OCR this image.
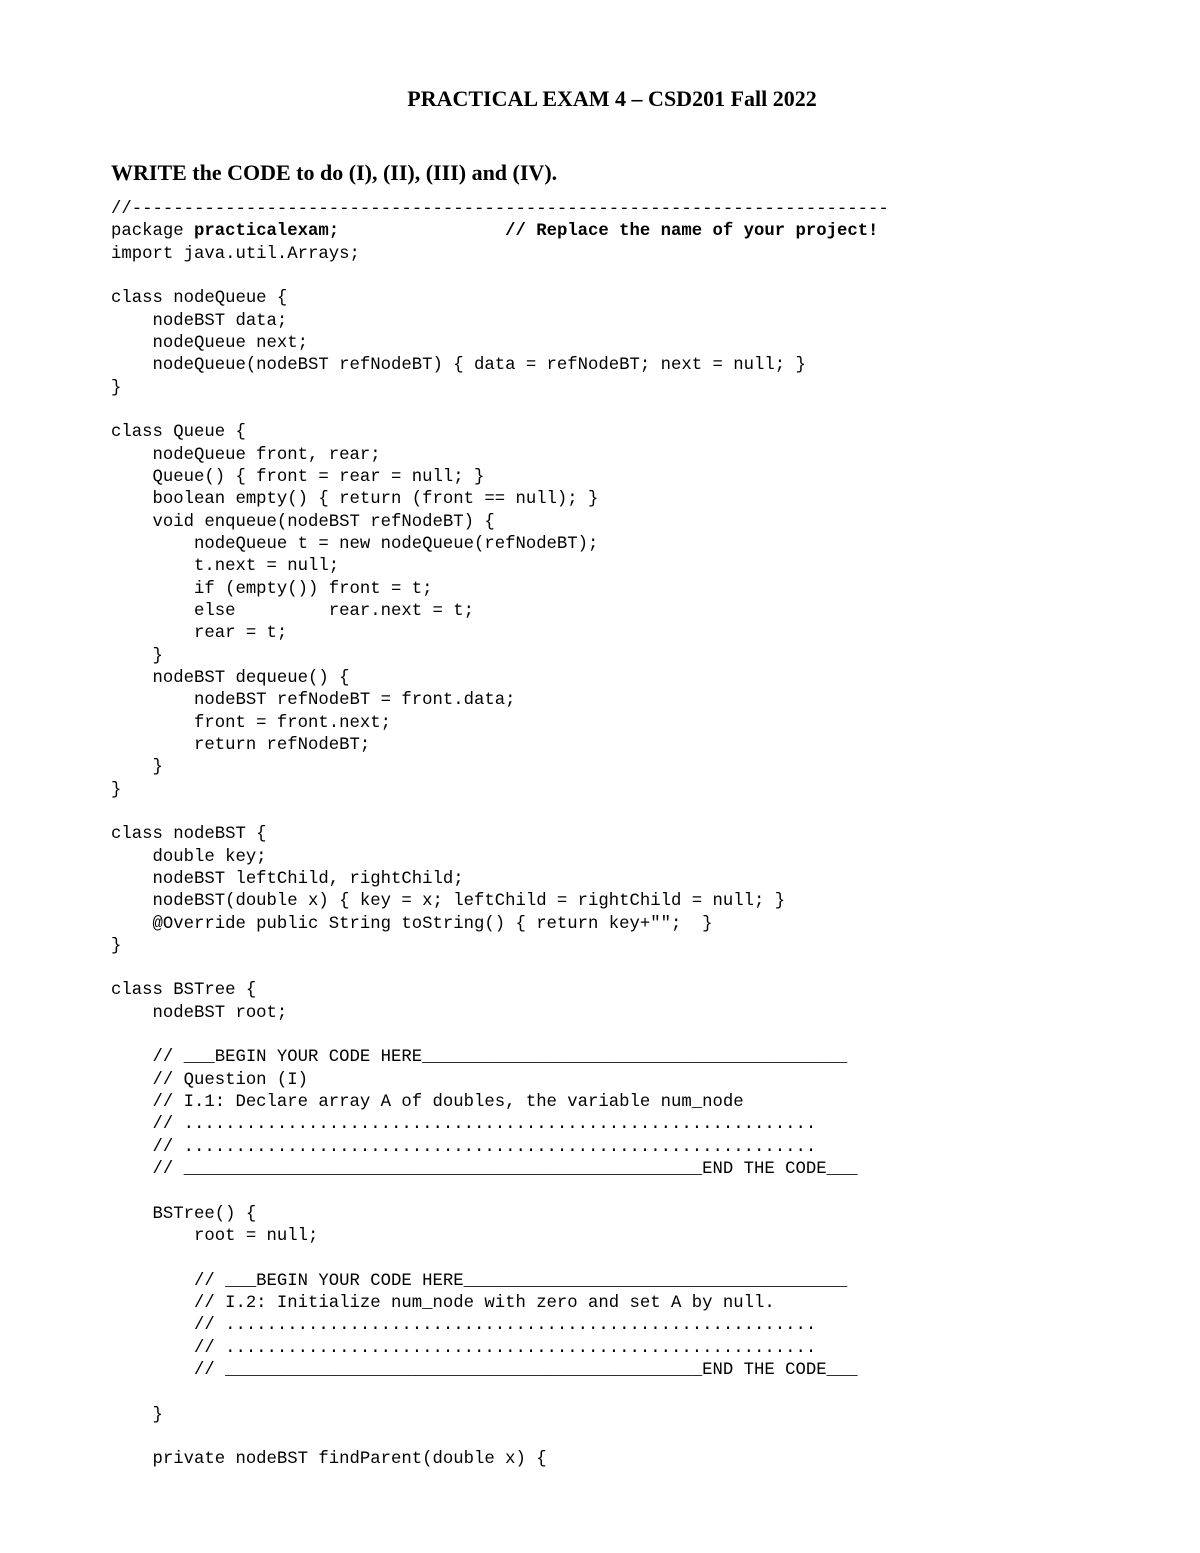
PRACTICAL EXAM 4 – CSD201 Fall 2022
WRITE the CODE to do (I), (II), (III) and (IV).
//-------------------------------------------------------------------------
package practicalexam;	// Replace the name of your project!
import java.util.Arrays;
class nodeQueue {
nodeBST data;
nodeQueue next;
nodeQueue(nodeBST refNodeBT) { data = refNodeBT; next = null; }
}
class Queue {
nodeQueue front, rear;
Queue() { front = rear = null; }
boolean empty() { return (front == null); }
void enqueue(nodeBST refNodeBT) {
nodeQueue t = new nodeQueue(refNodeBT);
t.next = null;
if (empty()) front = t;
else         rear.next = t;
rear = t;
}
nodeBST dequeue() {
nodeBST refNodeBT = front.data;
front = front.next;
return refNodeBT;
}
}
class nodeBST {
double key;
nodeBST leftChild, rightChild;
nodeBST(double x) { key = x; leftChild = rightChild = null; }
@Override public String toString() { return key+"";  }
}
class BSTree {
nodeBST root;
// ___BEGIN YOUR CODE HERE_________________________________________
// Question (I)
// I.1: Declare array A of doubles, the variable num_node
// .............................................................
// .............................................................
// __________________________________________________END THE CODE___
BSTree() {
root = null;
// ___BEGIN YOUR CODE HERE_____________________________________
// I.2: Initialize num_node with zero and set A by null.
// .........................................................
// .........................................................
// ______________________________________________END THE CODE___
}
private nodeBST findParent(double x) {
